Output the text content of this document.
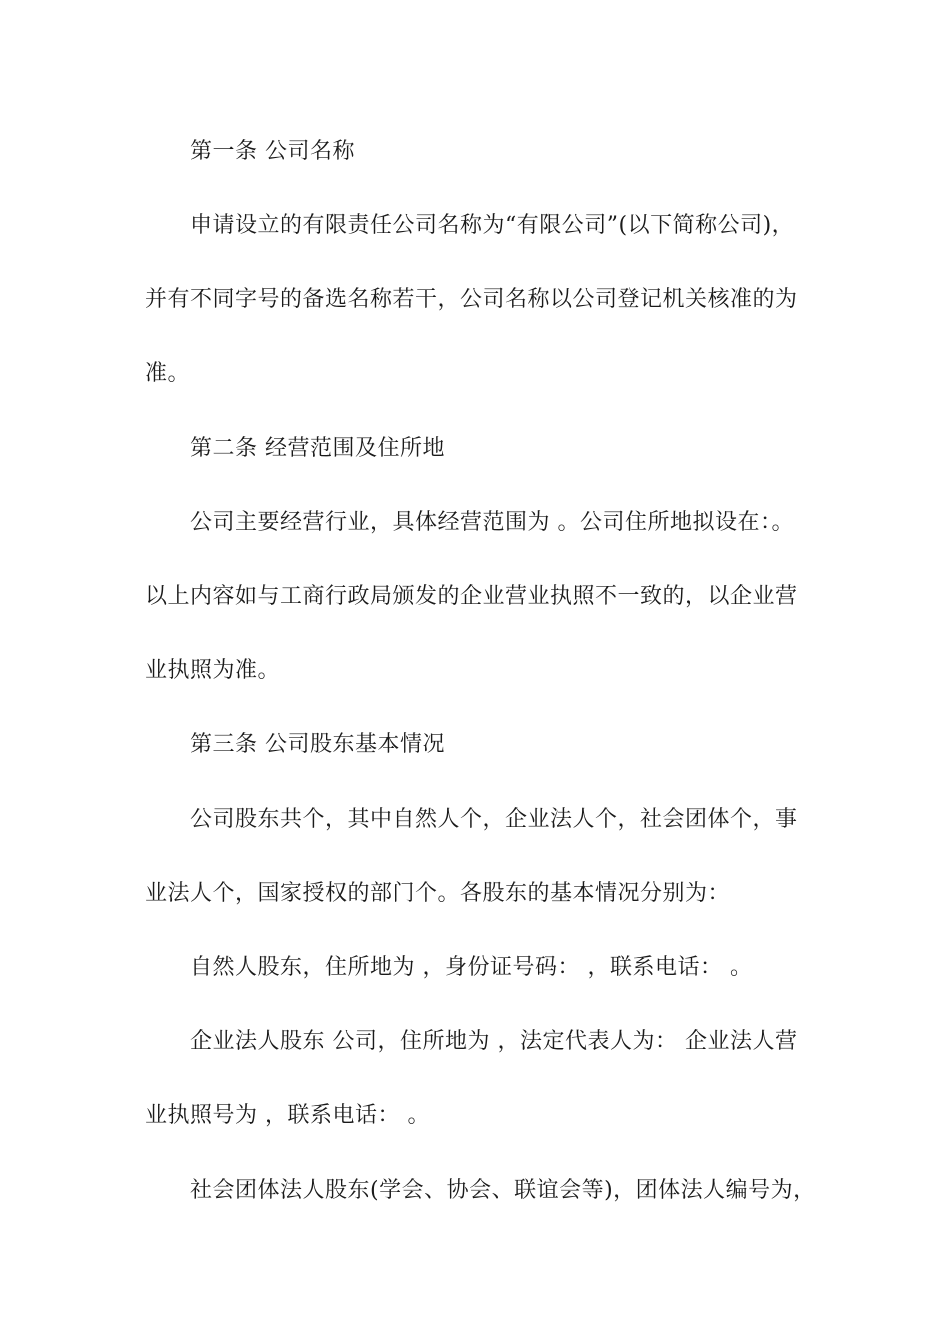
第一条 公司名称
申请设立的有限责任公司名称为“有限公司”(以下简称公司)，
并有不同字号的备选名称若干，公司名称以公司登记机关核准的为
准。
第二条 经营范围及住所地
公司主要经营行业，具体经营范围为 。公司住所地拟设在：。
以上内容如与工商行政局颁发的企业营业执照不一致的，以企业营
业执照为准。
第三条 公司股东基本情况
公司股东共个，其中自然人个，企业法人个，社会团体个，事
业法人个，国家授权的部门个。各股东的基本情况分别为：
自然人股东，住所地为 ，身份证号码： ，联系电话： 。
企业法人股东 公司，住所地为 ，法定代表人为： 企业法人营
业执照号为 ，联系电话： 。
社会团体法人股东(学会、协会、联谊会等)，团体法人编号为，
